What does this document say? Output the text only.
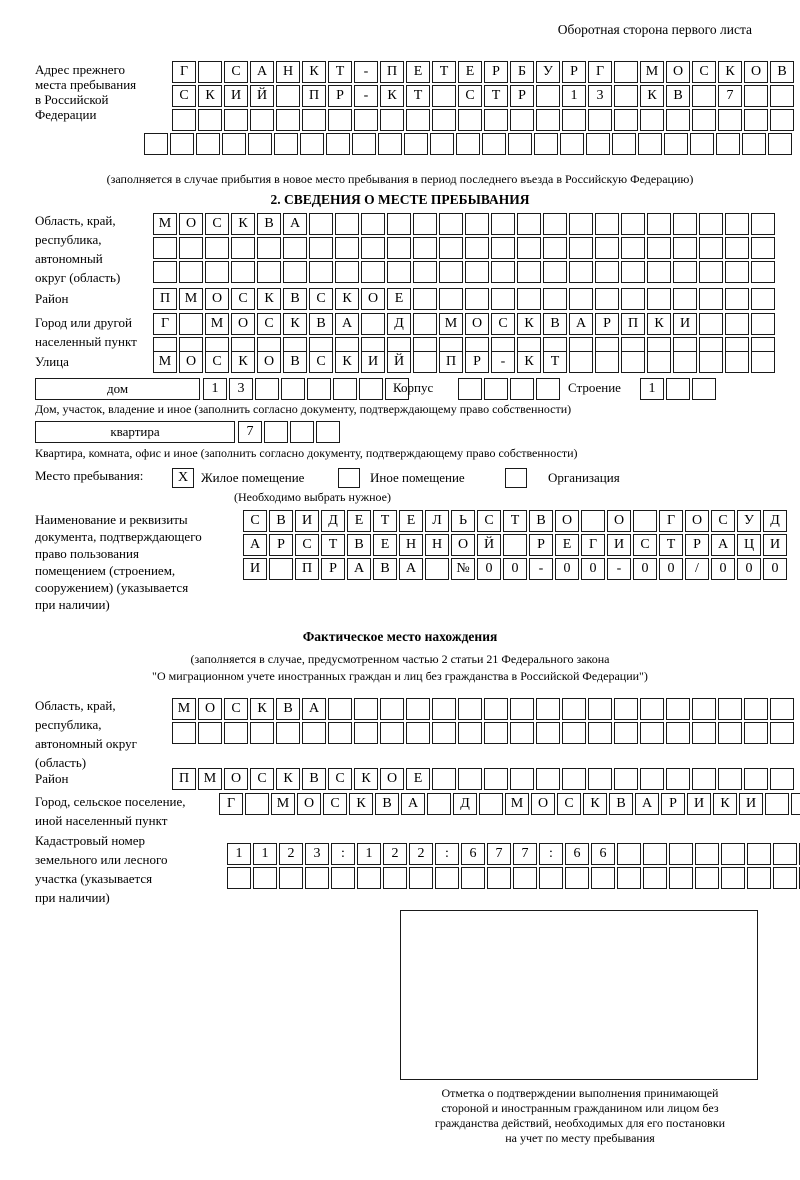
Оборотная сторона первого листа
Адрес прежнего
места пребывания
в Российской
Федерации
Г	С	А	Н	К	Т	-	П	Е	Т	Е	Р	Б	У	Р	Г	М	О	С	К	О	В
С	К	И	Й	П	Р	-	К	Т	С	Т	Р	1	3	К	В	7
(заполняется в случае прибытия в новое место пребывания в период последнего въезда в Российскую Федерацию)
2. СВЕДЕНИЯ О МЕСТЕ ПРЕБЫВАНИЯ
Область, край,
республика,
автономный
округ (область)
М	О	С	К	В	А
Район	П	М	О	С	К	В	С	К	О	Е
Город или другой
населенный пункт
Г	М	О	С	К	В	А	Д	М	О	С	К	В	А	Р	П	К	И
Улица	М	О	С	К	О	В	С	К	И	Й	П	Р	-	К	Т
дом	1	3	Корпус	Строение	1
Дом, участок, владение и иное (заполнить согласно документу, подтверждающему право собственности)
квартира	7
Квартира, комната, офис и иное (заполнить согласно документу, подтверждающему право собственности)
Место пребывания:	Х Жилое помещение	Иное помещение	Организация
(Необходимо выбрать нужное)
Наименование и реквизиты
документа, подтверждающего
право пользования
помещением (строением,
сооружением) (указывается
при наличии)
С	В	И	Д	Е	Т	Е	Л	Ь	С	Т	В	О	О	Г	О	С	У	Д
А	Р	С	Т	В	Е	Н	Н	О	Й	Р	Е	Г	И	С	Т	Р	А	Ц	И
И	П	Р	А	В	А	№	0	0	-	0	0	-	0	0	/	0	0	0
Фактическое место нахождения
(заполняется в случае, предусмотренном частью 2 статьи 21 Федерального закона
"О миграционном учете иностранных граждан и лиц без гражданства в Российской Федерации")
Область, край,
республика,
автономный округ
(область)
М	О	С	К	В	А
Район	П	М	О	С	К	В	С	К	О	Е
Город, сельское поселение,
иной населенный пункт
Г	М	О	С	К	В	А	Д	М	О	С	К	В	А	Р	И	К	И
Кадастровый номер
земельного или лесного
участка (указывается
при наличии)
1	1	2	3	:	1	2	2	:	6	7	7	:	6	6
Отметка о подтверждении выполнения принимающей
стороной и иностранным гражданином или лицом без
гражданства действий, необходимых для его постановки
на учет по месту пребывания
